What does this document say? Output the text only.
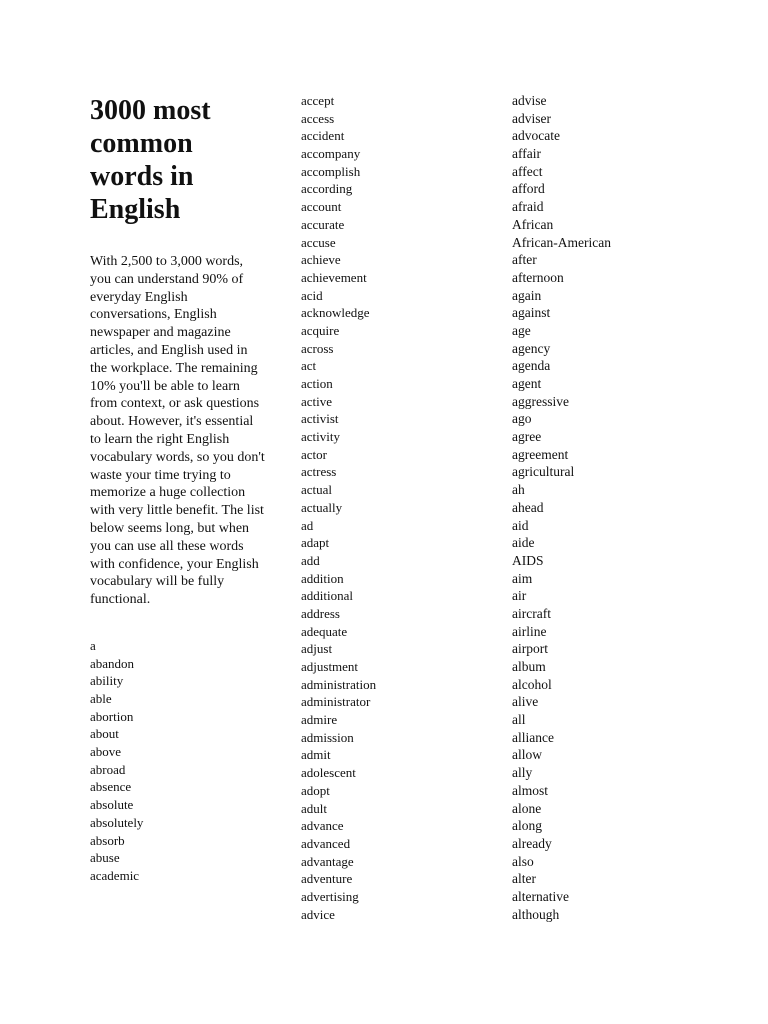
3000 most common words in English

With 2,500 to 3,000 words, you can understand 90% of everyday English conversations, English newspaper and magazine articles, and English used in the workplace. The remaining 10% you'll be able to learn from context, or ask questions about. However, it's essential to learn the right English vocabulary words, so you don't waste your time trying to memorize a huge collection with very little benefit. The list below seems long, but when you can use all these words with confidence, your English vocabulary will be fully functional.

a
abandon
ability
able
abortion
about
above
abroad
absence
absolute
absolutely
absorb
abuse
academic
accept
access
accident
accompany
accomplish
according
account
accurate
accuse
achieve
achievement
acid
acknowledge
acquire
across
act
action
active
activist
activity
actor
actress
actual
actually
ad
adapt
add
addition
additional
address
adequate
adjust
adjustment
administration
administrator
admire
admission
admit
adolescent
adopt
adult
advance
advanced
advantage
adventure
advertising
advice
advise
adviser
advocate
affair
affect
afford
afraid
African
African-American
after
afternoon
again
against
age
agency
agenda
agent
aggressive
ago
agree
agreement
agricultural
ah
ahead
aid
aide
AIDS
aim
air
aircraft
airline
airport
album
alcohol
alive
all
alliance
allow
ally
almost
alone
along
already
also
alter
alternative
although
